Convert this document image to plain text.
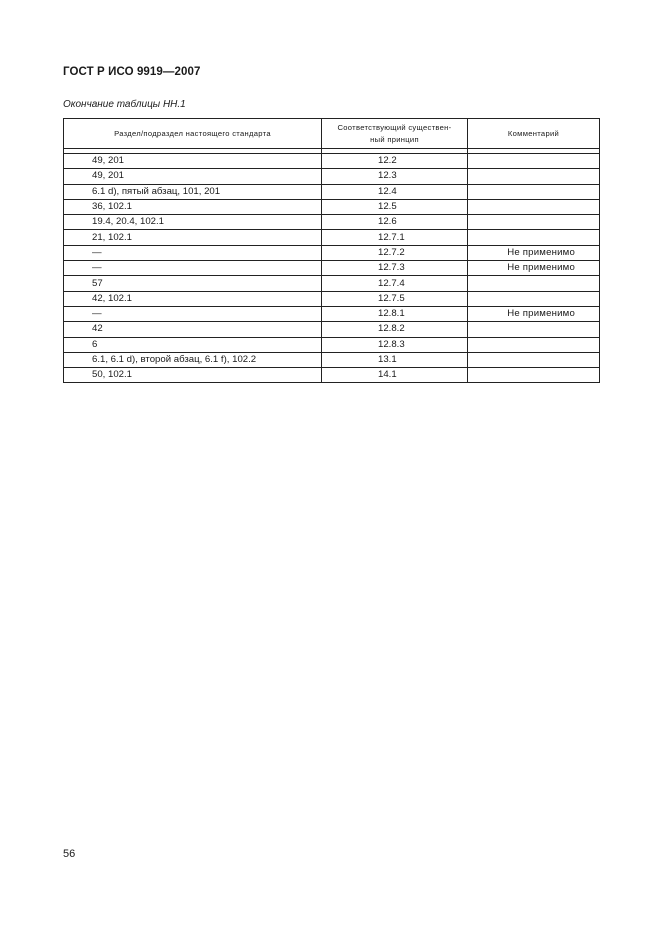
ГОСТ Р ИСО 9919—2007
Окончание таблицы НН.1
Раздел/подраздел настоящего стандарта	Соответствующий существен-ный принцип	Комментарий

49, 201	12.2	
49, 201	12.3	
6.1 d), пятый абзац, 101, 201	12.4	
36, 102.1	12.5	
19.4, 20.4, 102.1	12.6	
21, 102.1	12.7.1	
—	12.7.2	Не применимо
—	12.7.3	Не применимо
57	12.7.4	
42, 102.1	12.7.5	
—	12.8.1	Не применимо
42	12.8.2	
6	12.8.3	
6.1, 6.1 d), второй абзац, 6.1 f), 102.2	13.1	
50, 102.1	14.1	
56
